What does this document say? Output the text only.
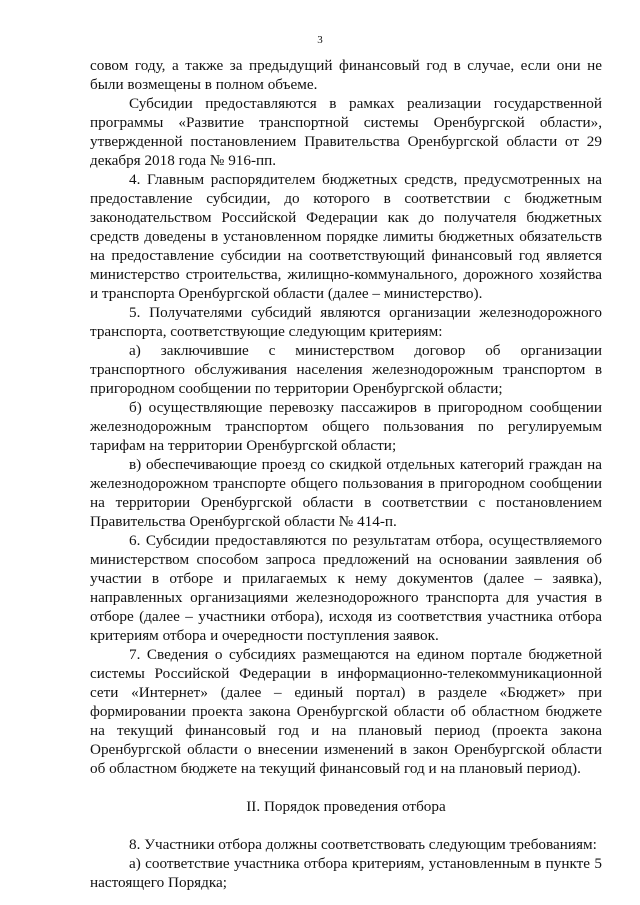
3

совом году, а также за предыдущий финансовый год в случае, если они не были возмещены в полном объеме.

Субсидии предоставляются в рамках реализации государственной программы «Развитие транспортной системы Оренбургской области», утвержденной постановлением Правительства Оренбургской области от 29 декабря 2018 года № 916-пп.

4. Главным распорядителем бюджетных средств, предусмотренных на предоставление субсидии, до которого в соответствии с бюджетным законодательством Российской Федерации как до получателя бюджетных средств доведены в установленном порядке лимиты бюджетных обязательств на предоставление субсидии на соответствующий финансовый год является министерство строительства, жилищно-коммунального, дорожного хозяйства и транспорта Оренбургской области (далее – министерство).

5. Получателями субсидий являются организации железнодорожного транспорта, соответствующие следующим критериям:

а) заключившие с министерством договор об организации транспортного обслуживания населения железнодорожным транспортом в пригородном сообщении по территории Оренбургской области;

б) осуществляющие перевозку пассажиров в пригородном сообщении железнодорожным транспортом общего пользования по регулируемым тарифам на территории Оренбургской области;

в) обеспечивающие проезд со скидкой отдельных категорий граждан на железнодорожном транспорте общего пользования в пригородном сообщении на территории Оренбургской области в соответствии с постановлением Правительства Оренбургской области № 414-п.

6. Субсидии предоставляются по результатам отбора, осуществляемого министерством способом запроса предложений на основании заявления об участии в отборе и прилагаемых к нему документов (далее – заявка), направленных организациями железнодорожного транспорта для участия в отборе (далее – участники отбора), исходя из соответствия участника отбора критериям отбора и очередности поступления заявок.

7. Сведения о субсидиях размещаются на едином портале бюджетной системы Российской Федерации в информационно-телекоммуникационной сети «Интернет» (далее – единый портал) в разделе «Бюджет» при формировании проекта закона Оренбургской области об областном бюджете на текущий финансовый год и на плановый период (проекта закона Оренбургской области о внесении изменений в закон Оренбургской области об областном бюджете на текущий финансовый год и на плановый период).

II. Порядок проведения отбора

8. Участники отбора должны соответствовать следующим требованиям:

а) соответствие участника отбора критериям, установленным в пункте 5 настоящего Порядка;
